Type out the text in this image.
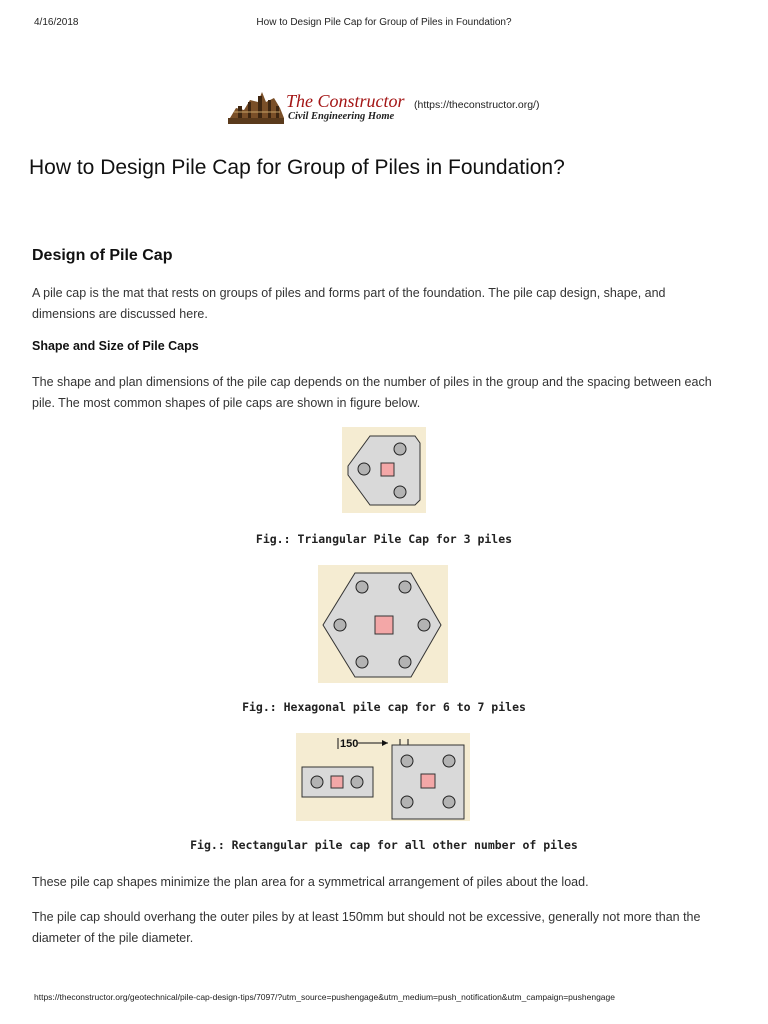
4/16/2018	How to Design Pile Cap for Group of Piles in Foundation?
The Constructor
Civil Engineering Home
(https://theconstructor.org/)
How to Design Pile Cap for Group of Piles in Foundation?
Design of Pile Cap

A pile cap is the mat that rests on groups of piles and forms part of the foundation. The pile cap design, shape, and dimensions are discussed here.

Shape and Size of Pile Caps

The shape and plan dimensions of the pile cap depends on the number of piles in the group and the spacing between each pile. The most common shapes of pile caps are shown in figure below.

Fig.: Triangular Pile Cap for 3 piles
Fig.: Hexagonal pile cap for 6 to 7 piles
150
Fig.: Rectangular pile cap for all other number of piles

These pile cap shapes minimize the plan area for a symmetrical arrangement of piles about the load.

The pile cap should overhang the outer piles by at least 150mm but should not be excessive, generally not more than the diameter of the pile diameter.

https://theconstructor.org/geotechnical/pile-cap-design-tips/7097/?utm_source=pushengage&utm_medium=push_notification&utm_campaign=pushengage
